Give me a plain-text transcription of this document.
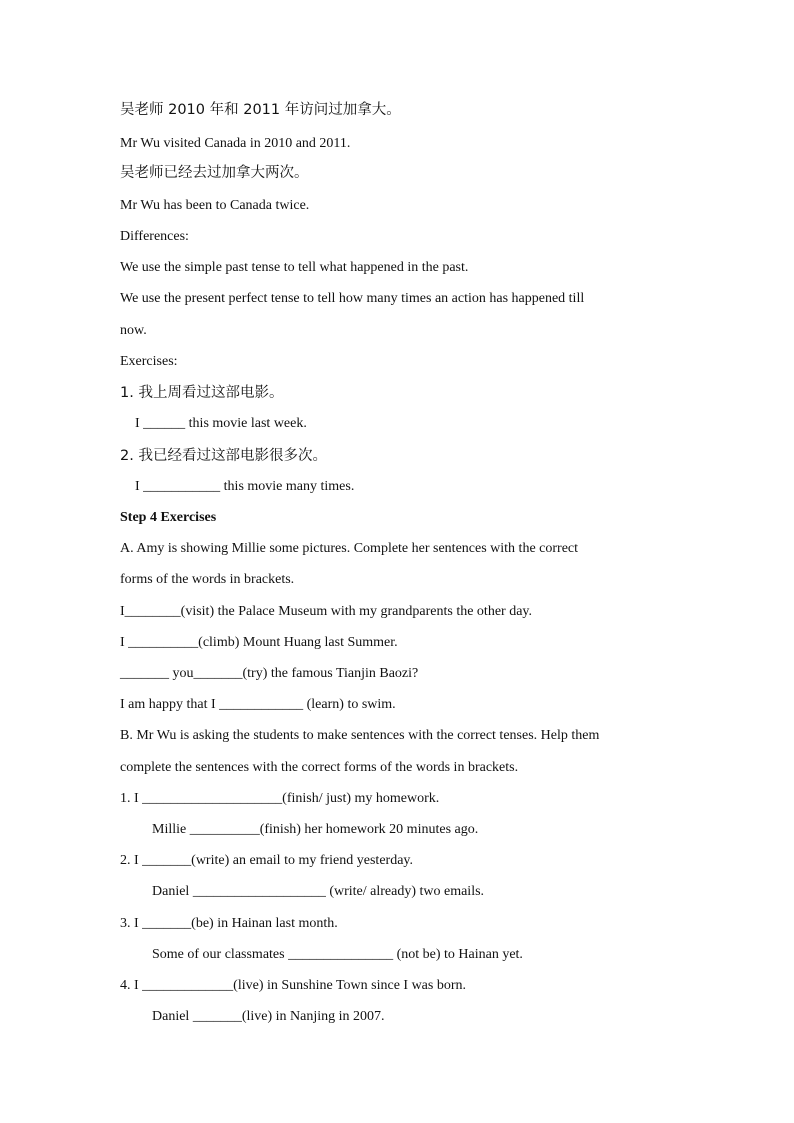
吴老师 2010 年和 2011 年访问过加拿大。
Mr Wu visited Canada in 2010 and 2011.
吴老师已经去过加拿大两次。
Mr Wu has been to Canada twice.
Differences:
We use the simple past tense to tell what happened in the past.
We use the present perfect tense to tell how many times an action has happened till
now.
Exercises:
1. 我上周看过这部电影。
I ______ this movie last week.
2. 我已经看过这部电影很多次。
I ___________ this movie many times.
Step 4 Exercises
A. Amy is showing Millie some pictures. Complete her sentences with the correct
forms of the words in brackets.
I________(visit) the Palace Museum with my grandparents the other day.
I __________(climb) Mount Huang last Summer.
_______ you_______(try) the famous Tianjin Baozi?
I am happy that I ____________ (learn) to swim.
B. Mr Wu is asking the students to make sentences with the correct tenses. Help them
complete the sentences with the correct forms of the words in brackets.
1. I ____________________(finish/ just) my homework.
Millie __________(finish) her homework 20 minutes ago.
2. I _______(write) an email to my friend yesterday.
Daniel ___________________ (write/ already) two emails.
3. I _______(be) in Hainan last month.
Some of our classmates _______________ (not be) to Hainan yet.
4. I _____________(live) in Sunshine Town since I was born.
Daniel _______(live) in Nanjing in 2007.
